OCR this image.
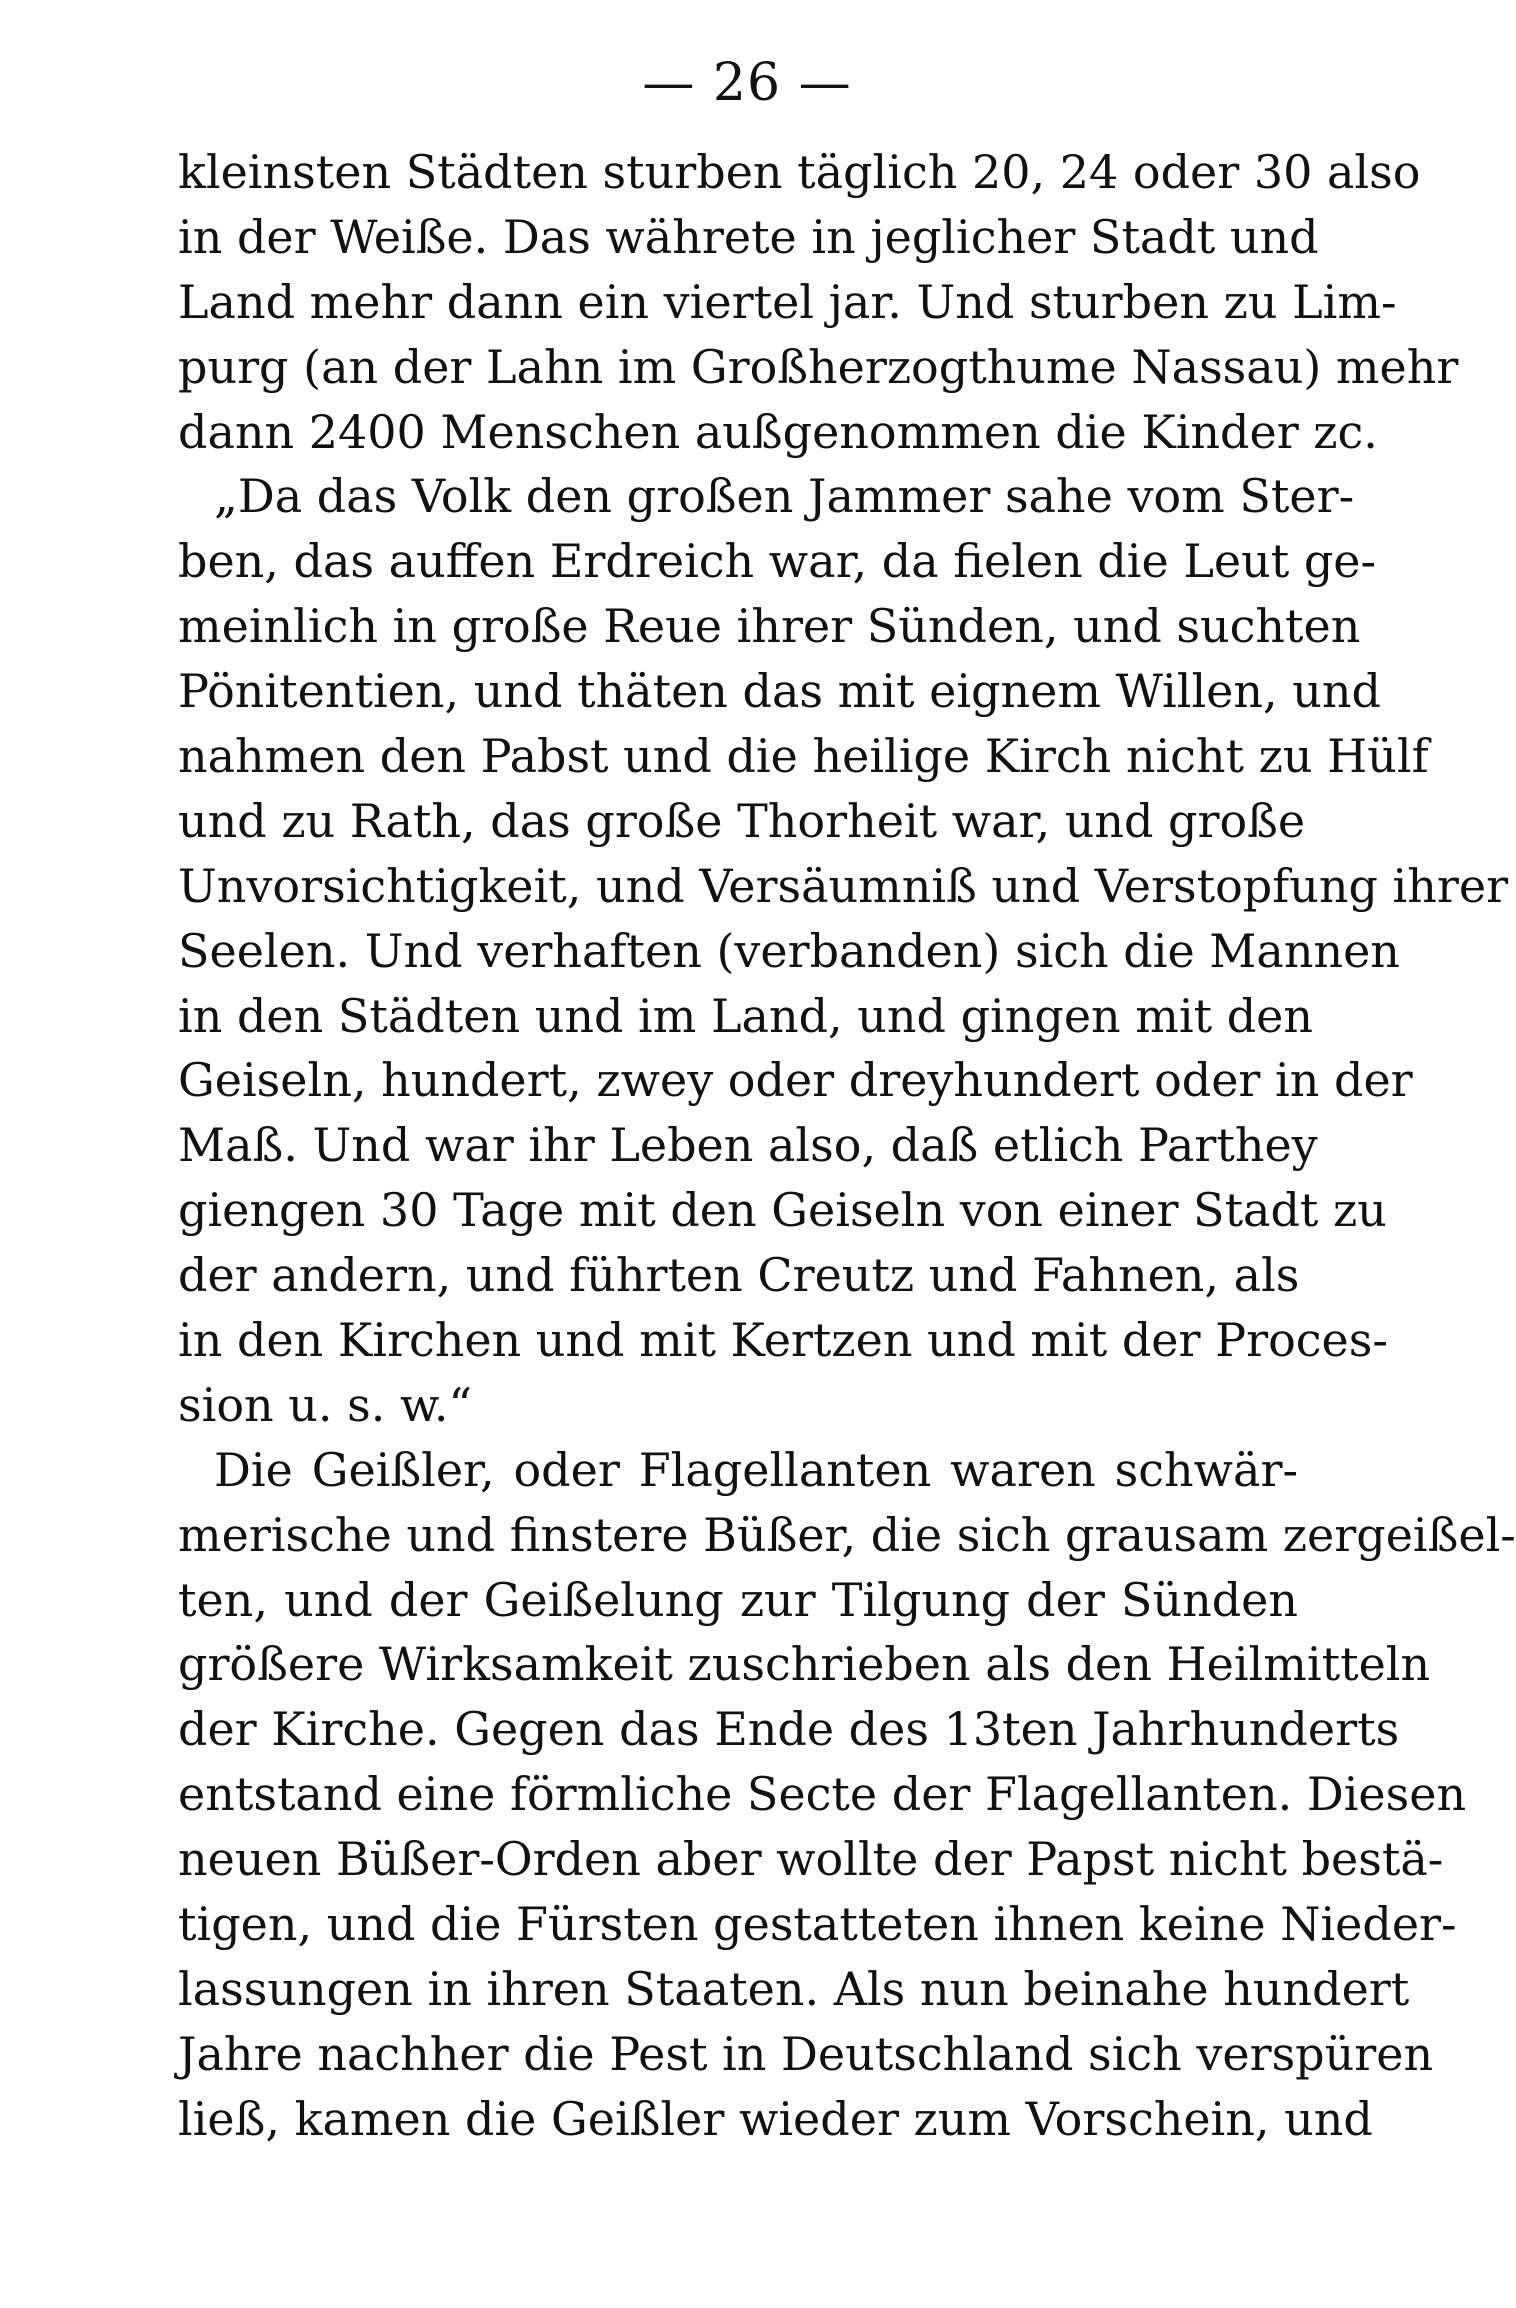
— 26 —
kleinsten Städten sturben täglich 20, 24 oder 30 also
in der Weiße. Das währete in jeglicher Stadt und
Land mehr dann ein viertel jar. Und sturben zu Lim-
purg (an der Lahn im Großherzogthume Nassau) mehr
dann 2400 Menschen außgenommen die Kinder zc.
„Da das Volk den großen Jammer sahe vom Ster-
ben, das auffen Erdreich war, da fielen die Leut ge-
meinlich in große Reue ihrer Sünden, und suchten
Pönitentien, und thäten das mit eignem Willen, und
nahmen den Pabst und die heilige Kirch nicht zu Hülf
und zu Rath, das große Thorheit war, und große
Unvorsichtigkeit, und Versäumniß und Verstopfung ihrer
Seelen. Und verhaften (verbanden) sich die Mannen
in den Städten und im Land, und gingen mit den
Geiseln, hundert, zwey oder dreyhundert oder in der
Maß. Und war ihr Leben also, daß etlich Parthey
giengen 30 Tage mit den Geiseln von einer Stadt zu
der andern, und führten Creutz und Fahnen, als
in den Kirchen und mit Kertzen und mit der Proces-
sion u. s. w.“
Die Geißler, oder Flagellanten waren schwär-
merische und finstere Büßer, die sich grausam zergeißel-
ten, und der Geißelung zur Tilgung der Sünden
größere Wirksamkeit zuschrieben als den Heilmitteln
der Kirche. Gegen das Ende des 13ten Jahrhunderts
entstand eine förmliche Secte der Flagellanten. Diesen
neuen Büßer-Orden aber wollte der Papst nicht bestä-
tigen, und die Fürsten gestatteten ihnen keine Nieder-
lassungen in ihren Staaten. Als nun beinahe hundert
Jahre nachher die Pest in Deutschland sich verspüren
ließ, kamen die Geißler wieder zum Vorschein, und
